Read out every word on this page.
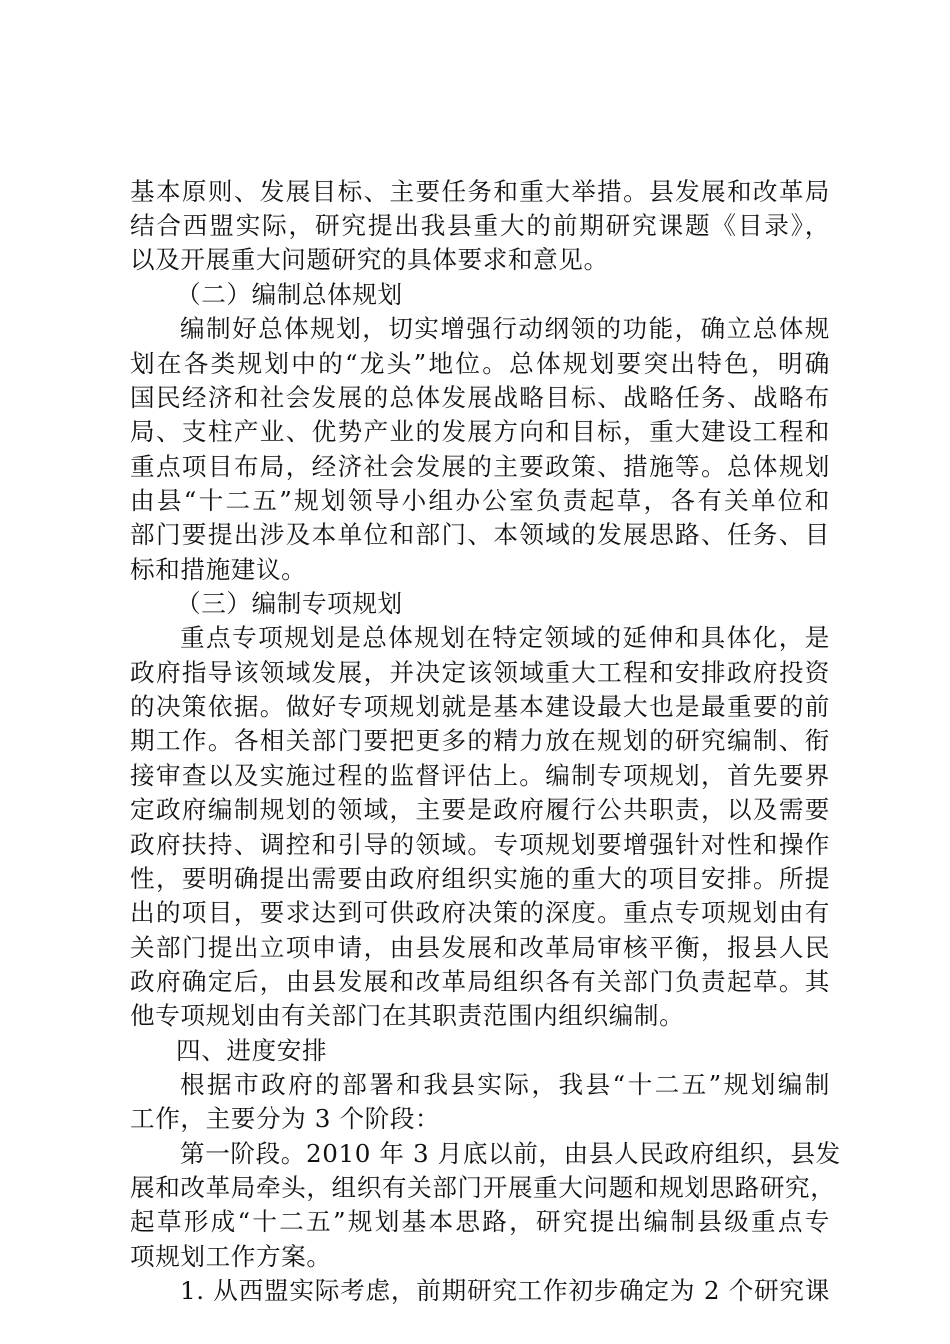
基本原则、发展目标、主要任务和重大举措。县发展和改革局
结合西盟实际，研究提出我县重大的前期研究课题《目录》，
以及开展重大问题研究的具体要求和意见。
（二）编制总体规划
编制好总体规划，切实增强行动纲领的功能，确立总体规
划在各类规划中的“龙头”地位。总体规划要突出特色，明确
国民经济和社会发展的总体发展战略目标、战略任务、战略布
局、支柱产业、优势产业的发展方向和目标，重大建设工程和
重点项目布局，经济社会发展的主要政策、措施等。总体规划
由县“十二五”规划领导小组办公室负责起草，各有关单位和
部门要提出涉及本单位和部门、本领域的发展思路、任务、目
标和措施建议。
（三）编制专项规划
重点专项规划是总体规划在特定领域的延伸和具体化，是
政府指导该领域发展，并决定该领域重大工程和安排政府投资
的决策依据。做好专项规划就是基本建设最大也是最重要的前
期工作。各相关部门要把更多的精力放在规划的研究编制、衔
接审查以及实施过程的监督评估上。编制专项规划，首先要界
定政府编制规划的领域，主要是政府履行公共职责，以及需要
政府扶持、调控和引导的领域。专项规划要增强针对性和操作
性，要明确提出需要由政府组织实施的重大的项目安排。所提
出的项目，要求达到可供政府决策的深度。重点专项规划由有
关部门提出立项申请，由县发展和改革局审核平衡，报县人民
政府确定后，由县发展和改革局组织各有关部门负责起草。其
他专项规划由有关部门在其职责范围内组织编制。
四、进度安排
根据市政府的部署和我县实际，我县“十二五”规划编制
工作，主要分为 3 个阶段：
第一阶段。2010 年 3 月底以前，由县人民政府组织，县发
展和改革局牵头，组织有关部门开展重大问题和规划思路研究，
起草形成“十二五”规划基本思路，研究提出编制县级重点专
项规划工作方案。
1. 从西盟实际考虑，前期研究工作初步确定为 2 个研究课
